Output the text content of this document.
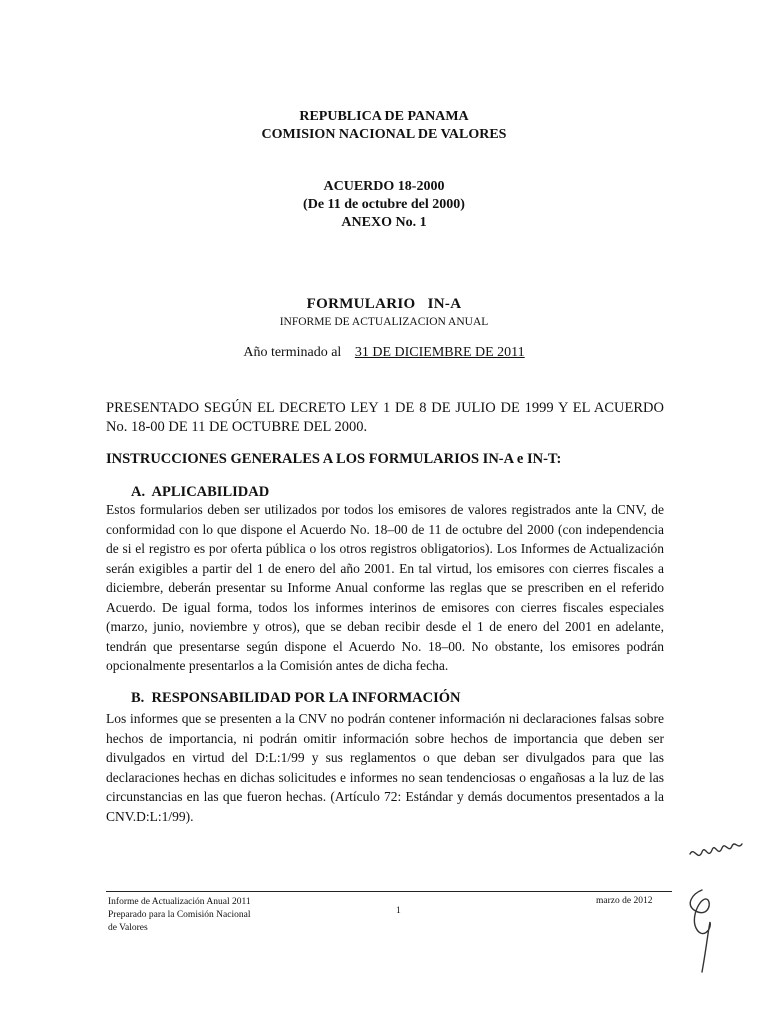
REPUBLICA DE PANAMA
COMISION NACIONAL DE VALORES
ACUERDO 18-2000
(De 11 de octubre del 2000)
ANEXO No. 1
FORMULARIO   IN-A
INFORME DE ACTUALIZACION ANUAL
Año terminado al 31 DE DICIEMBRE DE 2011
PRESENTADO SEGÚN EL DECRETO LEY 1 DE 8 DE JULIO DE 1999 Y EL ACUERDO No. 18-00 DE 11 DE OCTUBRE DEL 2000.
INSTRUCCIONES GENERALES A LOS FORMULARIOS IN-A e IN-T:
A.  APLICABILIDAD
Estos formularios deben ser utilizados por todos los emisores de valores registrados ante la CNV, de conformidad con lo que dispone el Acuerdo No. 18–00 de 11 de octubre del 2000 (con independencia de si el registro es por oferta pública o los otros registros obligatorios). Los Informes de Actualización serán exigibles a partir del 1 de enero del año 2001. En tal virtud, los emisores con cierres fiscales a diciembre, deberán presentar su Informe Anual conforme las reglas que se prescriben en el referido Acuerdo. De igual forma, todos los informes interinos de emisores con cierres fiscales especiales (marzo, junio, noviembre y otros), que se deban recibir desde el 1 de enero del 2001 en adelante, tendrán que presentarse según dispone el Acuerdo No. 18–00. No obstante, los emisores podrán opcionalmente presentarlos a la Comisión antes de dicha fecha.
B.  RESPONSABILIDAD POR LA INFORMACIÓN
Los informes que se presenten a la CNV no podrán contener información ni declaraciones falsas sobre hechos de importancia, ni podrán omitir información sobre hechos de importancia que deben ser divulgados en virtud del D:L:1/99 y sus reglamentos o que deban ser divulgados para que las declaraciones hechas en dichas solicitudes e informes no sean tendenciosas o engañosas a la luz de las circunstancias en las que fueron hechas. (Artículo 72: Estándar y demás documentos presentados a la CNV.D:L:1/99).
Informe de Actualización Anual 2011
Preparado para la Comisión Nacional
de Valores
1
marzo de 2012
